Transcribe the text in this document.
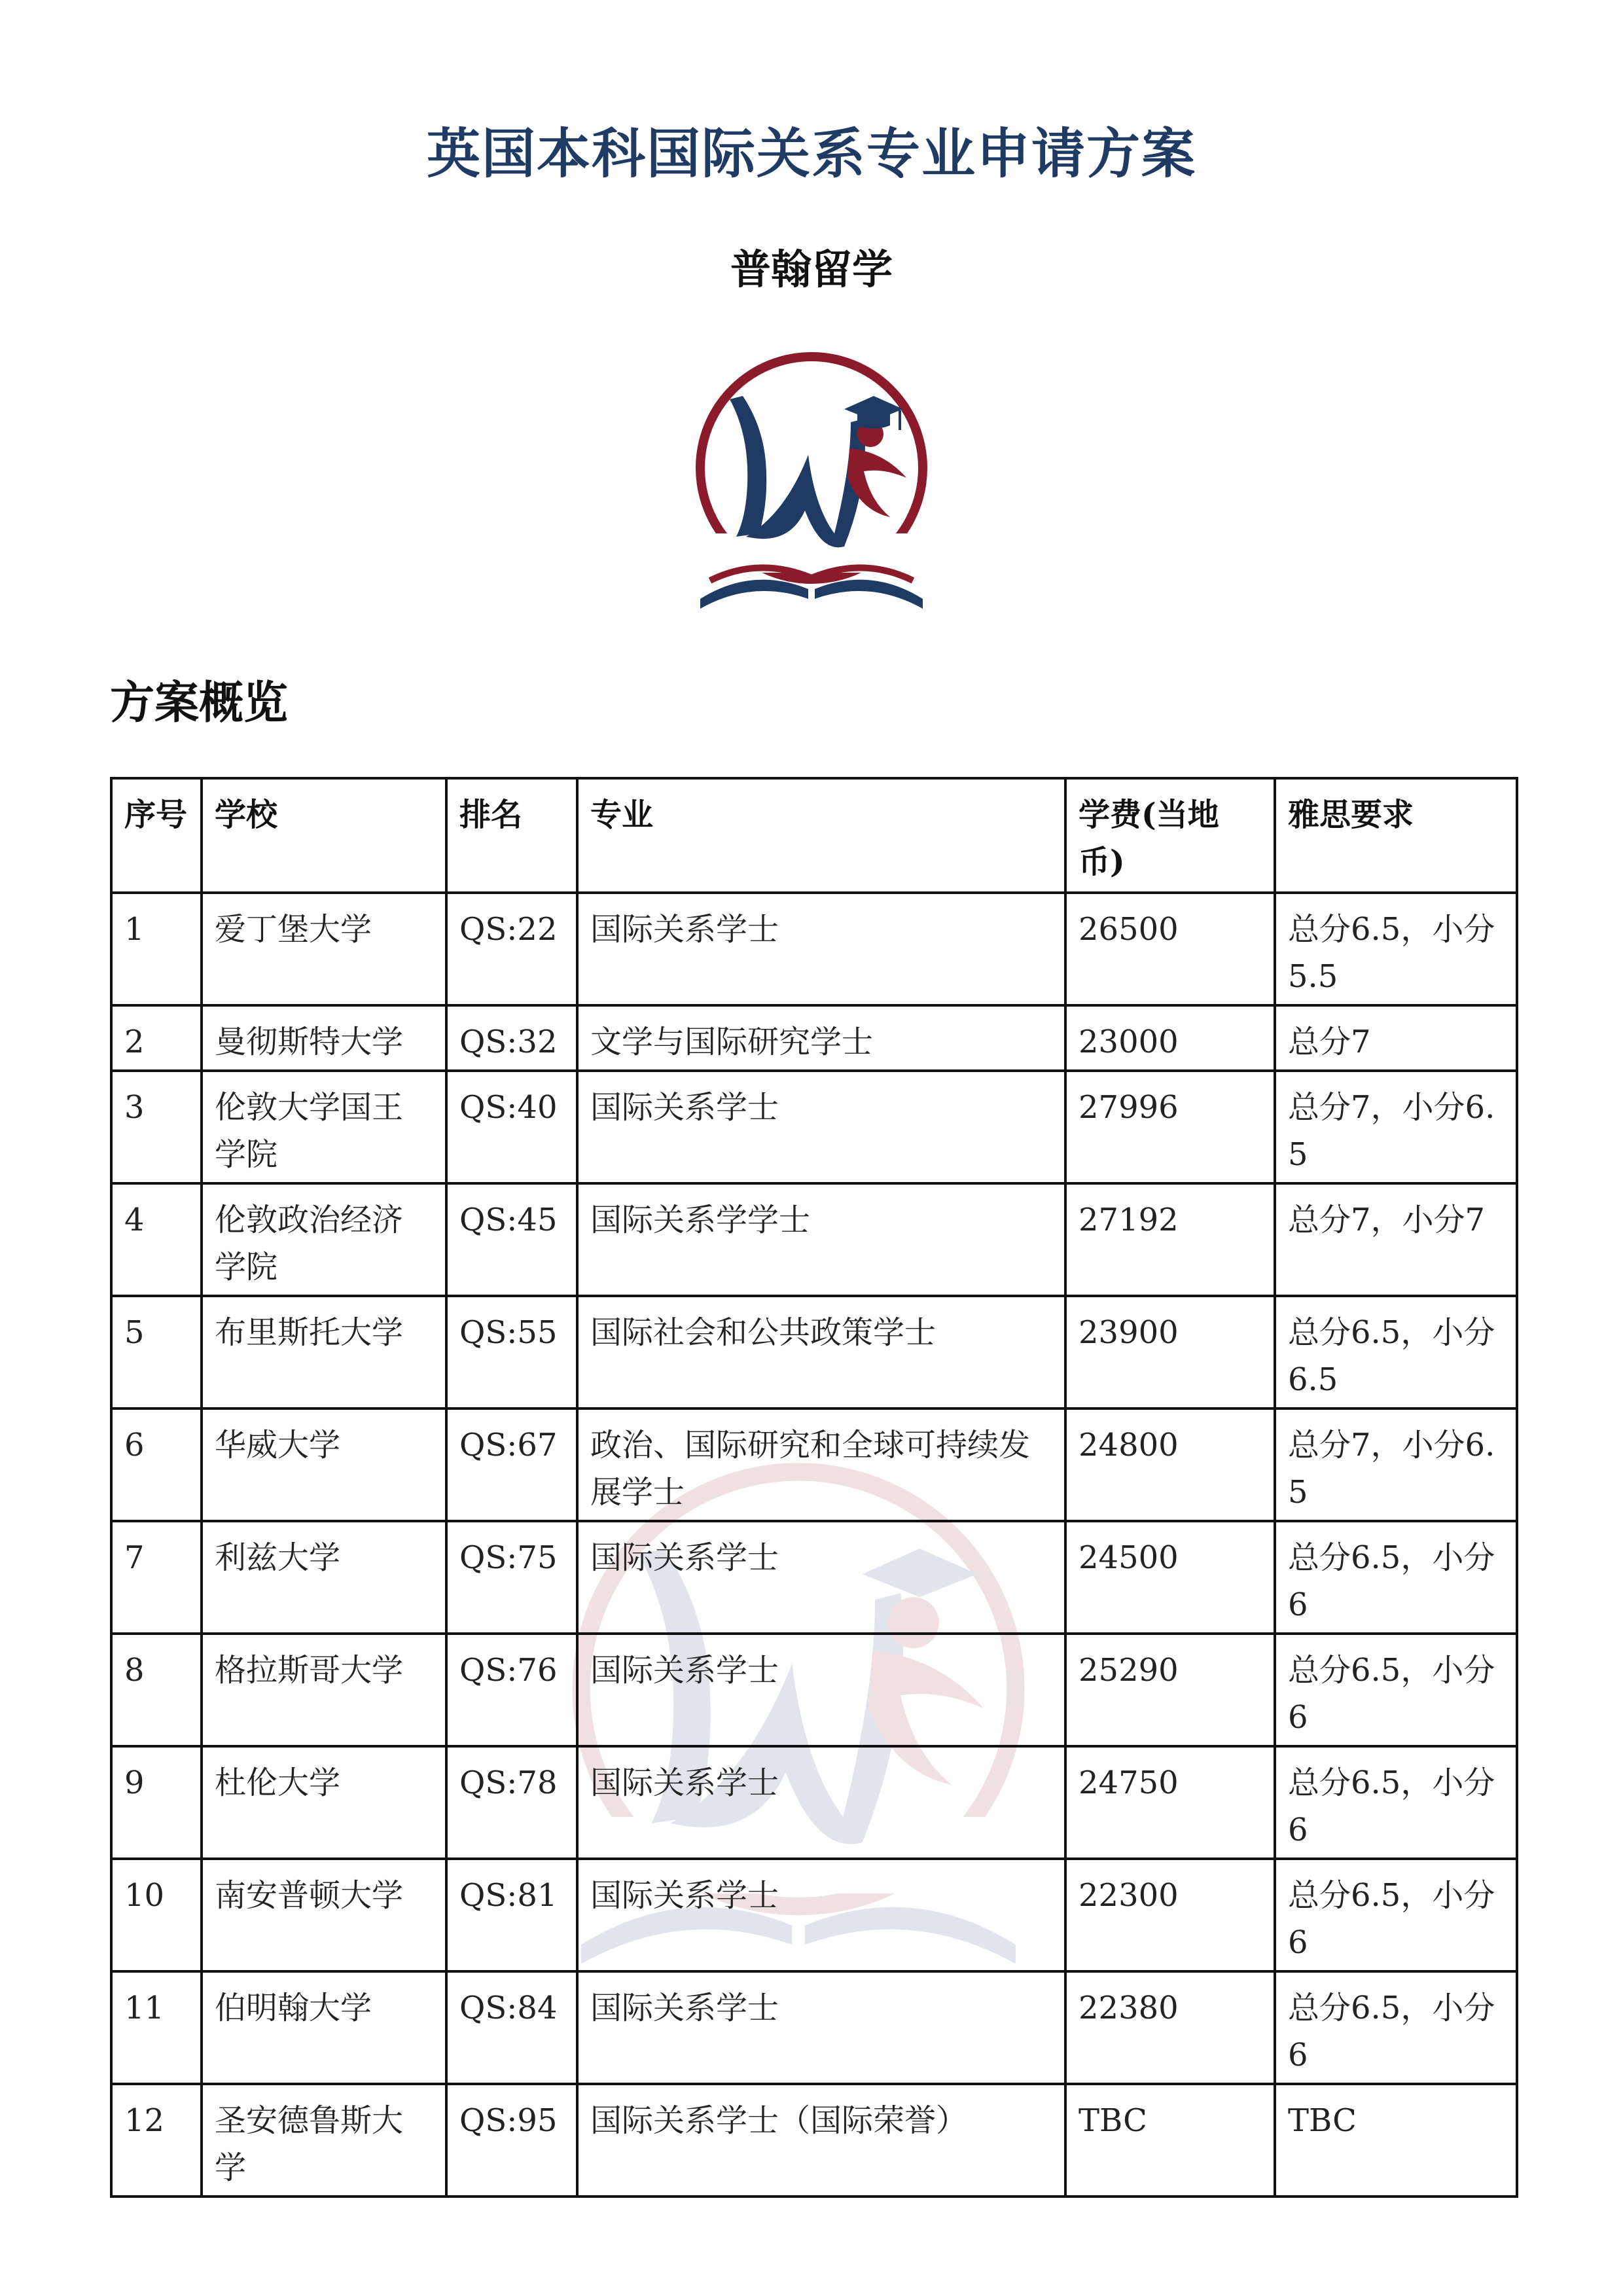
英国本科国际关系专业申请方案
普翰留学
方案概览
序号	学校	排名	专业	学费(当地币)	雅思要求
1	爱丁堡大学	QS:22	国际关系学士	26500	总分6.5，小分5.5
2	曼彻斯特大学	QS:32	文学与国际研究学士	23000	总分7
3	伦敦大学国王学院	QS:40	国际关系学士	27996	总分7，小分6.5
4	伦敦政治经济学院	QS:45	国际关系学学士	27192	总分7，小分7
5	布里斯托大学	QS:55	国际社会和公共政策学士	23900	总分6.5，小分6.5
6	华威大学	QS:67	政治、国际研究和全球可持续发展学士	24800	总分7，小分6.5
7	利兹大学	QS:75	国际关系学士	24500	总分6.5，小分6
8	格拉斯哥大学	QS:76	国际关系学士	25290	总分6.5，小分6
9	杜伦大学	QS:78	国际关系学士	24750	总分6.5，小分6
10	南安普顿大学	QS:81	国际关系学士	22300	总分6.5，小分6
11	伯明翰大学	QS:84	国际关系学士	22380	总分6.5，小分6
12	圣安德鲁斯大学	QS:95	国际关系学士（国际荣誉）	TBC	TBC
